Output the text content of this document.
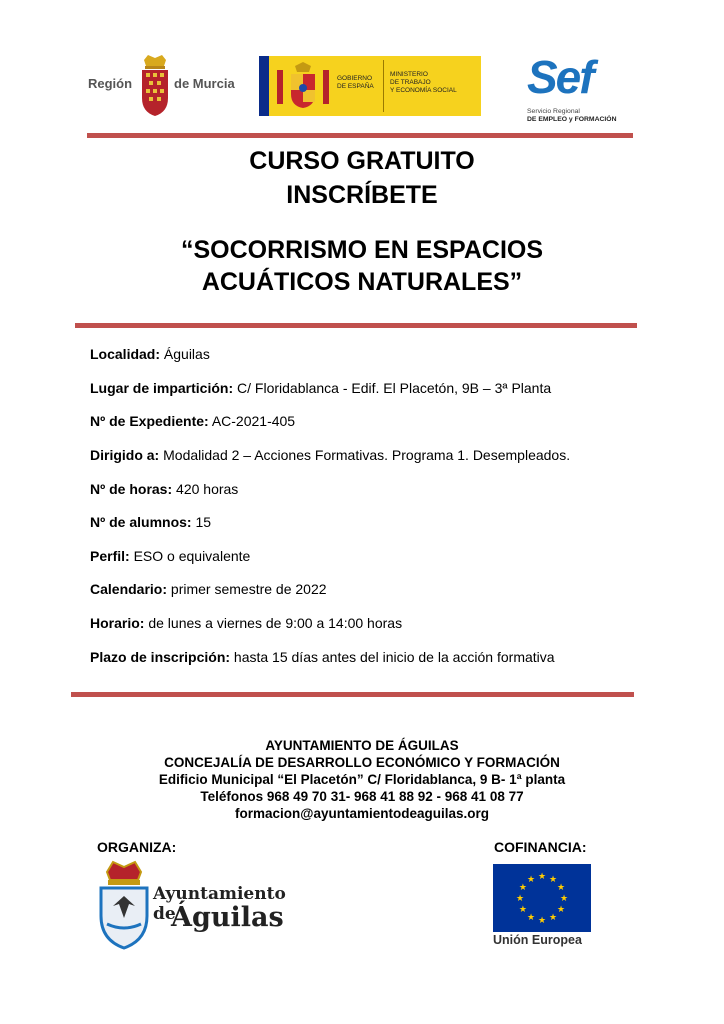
Región	de Murcia	GOBIERNO
DE ESPAÑA
MINISTERIO
DE TRABAJO
Y ECONOMÍA SOCIAL Sef
Servicio Regional
DE EMPLEO y FORMACIÓN
CURSO GRATUITO
INSCRÍBETE
“SOCORRISMO EN ESPACIOS
ACUÁTICOS NATURALES”
Localidad: Águilas
Lugar de impartición: C/ Floridablanca - Edif. El Placetón, 9B – 3ª Planta
Nº de Expediente: AC-2021-405
Dirigido a: Modalidad 2 – Acciones Formativas. Programa 1. Desempleados.
Nº de horas: 420 horas
Nº de alumnos: 15
Perfil: ESO o equivalente
Calendario: primer semestre de 2022
Horario: de lunes a viernes de 9:00 a 14:00 horas
Plazo de inscripción: hasta 15 días antes del inicio de la acción formativa
AYUNTAMIENTO DE ÁGUILAS
CONCEJALÍA DE DESARROLLO ECONÓMICO Y FORMACIÓN
Edificio Municipal “El Placetón” C/ Floridablanca, 9 B- 1ª planta
Teléfonos 968 49 70 31- 968 41 88 92 - 968 41 08 77
formacion@ayuntamientodeaguilas.org
ORGANIZA:	COFINANCIA:
Ayuntamiento de
Águilas
★ ★
★
★
★
★
★
★
★
★
★
★
Unión Europea
